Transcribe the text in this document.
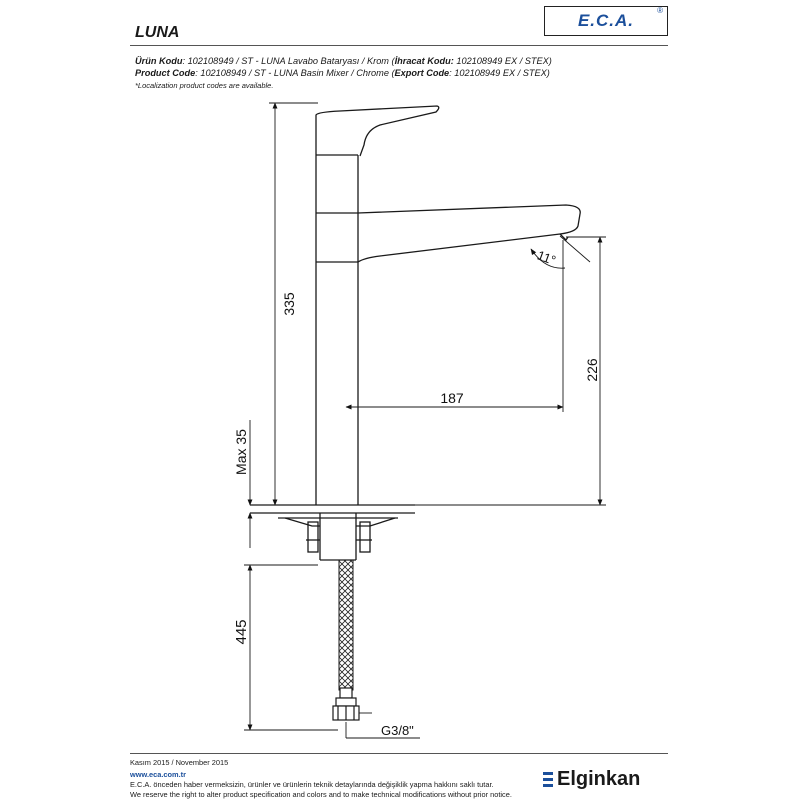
LUNA
E.C.A.
®
Ürün Kodu: 102108949 / ST - LUNA Lavabo Bataryası / Krom (İhracat Kodu: 102108949 EX / STEX)
Product Code: 102108949 / ST - LUNA Basin Mixer / Chrome (Export Code: 102108949 EX / STEX)
*Localization product codes are available.
335
Max 35
445
187
226
11°
G3/8"
Kasım 2015 / November 2015
www.eca.com.tr
E.C.A. önceden haber vermeksizin, ürünler ve ürünlerin teknik detaylarında değişiklik yapma hakkını saklı tutar.
We reserve the right to alter product specification and colors and to make technical modifications without prior notice.
Elginkan
